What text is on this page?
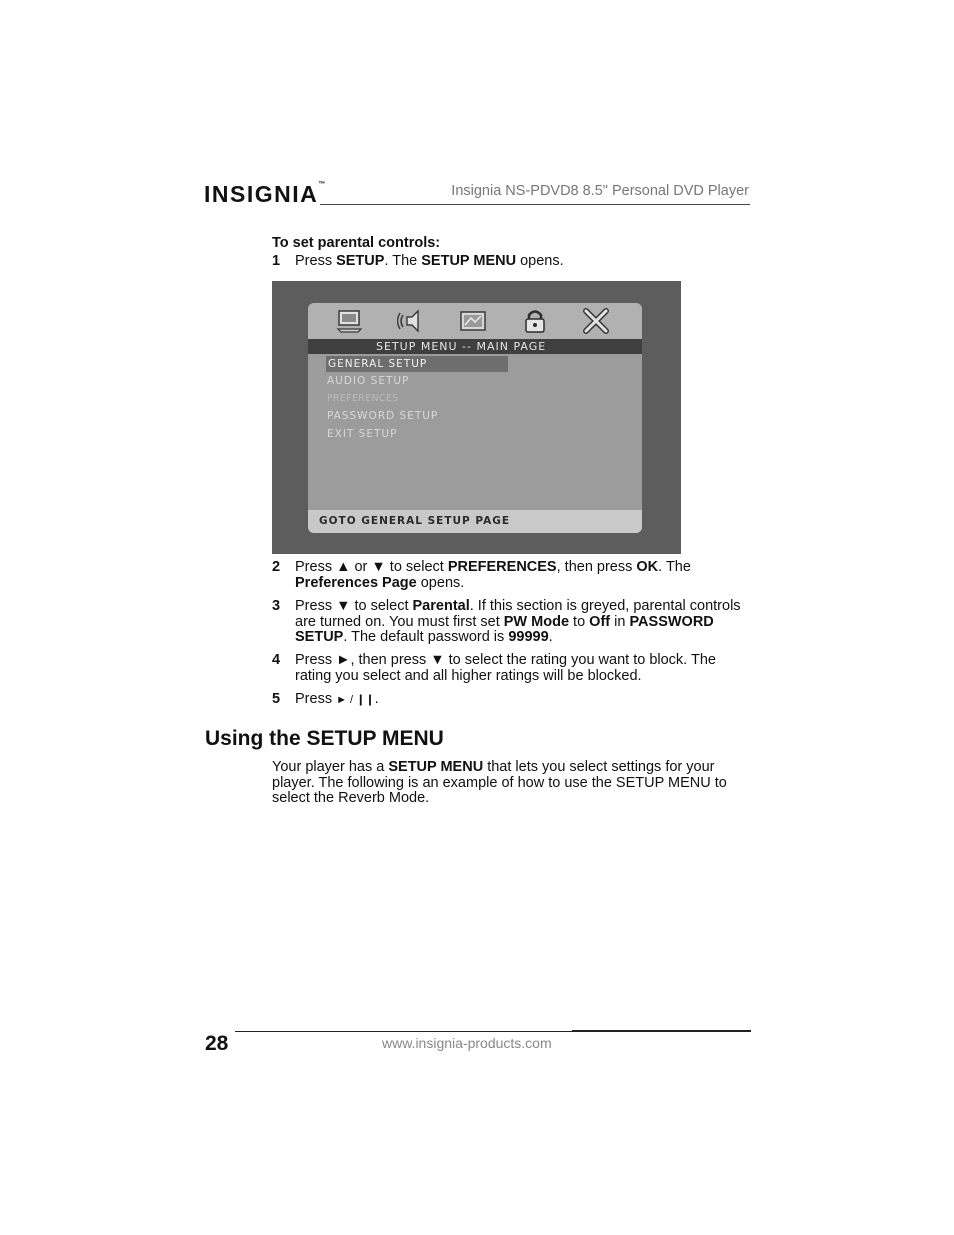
INSIGNIA™	Insignia NS-PDVD8 8.5" Personal DVD Player
To set parental controls:
1 Press SETUP. The SETUP MENU opens.
SETUP MENU -- MAIN PAGE
GENERAL SETUP
AUDIO SETUP
PREFERENCES
PASSWORD SETUP
EXIT SETUP
GOTO GENERAL SETUP PAGE
2 Press ▲ or ▼ to select PREFERENCES, then press OK. The Preferences Page opens.
3 Press ▼ to select Parental. If this section is greyed, parental controls are turned on. You must first set PW Mode to Off in PASSWORD SETUP. The default password is 99999.
4 Press ►, then press ▼ to select the rating you want to block. The rating you select and all higher ratings will be blocked.
5 Press ► / ❙❙.
Using the SETUP MENU
Your player has a SETUP MENU that lets you select settings for your player. The following is an example of how to use the SETUP MENU to select the Reverb Mode.
28	www.insignia-products.com
